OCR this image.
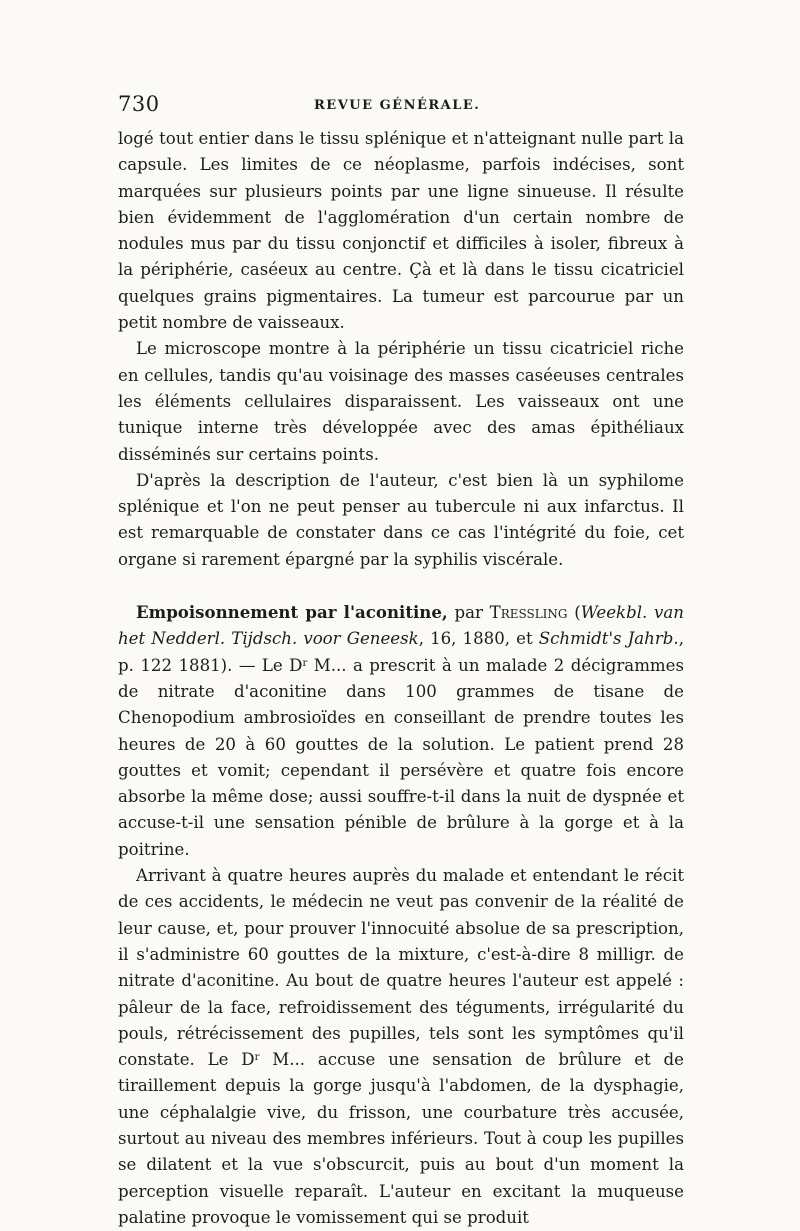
730	REVUE GÉNÉRALE.

logé tout entier dans le tissu splénique et n'atteignant nulle part la capsule. Les limites de ce néoplasme, parfois indécises, sont marquées sur plusieurs points par une ligne sinueuse. Il résulte bien évidemment de l'agglomération d'un certain nombre de nodules mus par du tissu conjonctif et difficiles à isoler, fibreux à la périphérie, caséeux au centre. Çà et là dans le tissu cicatriciel quelques grains pigmentaires. La tumeur est parcourue par un petit nombre de vaisseaux.

Le microscope montre à la périphérie un tissu cicatriciel riche en cellules, tandis qu'au voisinage des masses caséeuses centrales les éléments cellulaires disparaissent. Les vaisseaux ont une tunique interne très développée avec des amas épithéliaux disséminés sur certains points.

D'après la description de l'auteur, c'est bien là un syphilome splénique et l'on ne peut penser au tubercule ni aux infarctus. Il est remarquable de constater dans ce cas l'intégrité du foie, cet organe si rarement épargné par la syphilis viscérale.

Empoisonnement par l'aconitine, par Tressling (Weekbl. van het Nedderl. Tijdsch. voor Geneesk, 16, 1880, et Schmidt's Jahrb., p. 122 1881). — Le $D^r$ M... a prescrit à un malade 2 décigrammes de nitrate d'aconitine dans 100 grammes de tisane de Chenopodium ambrosioïdes en conseillant de prendre toutes les heures de 20 à 60 gouttes de la solution. Le patient prend 28 gouttes et vomit; cependant il persévère et quatre fois encore absorbe la même dose; aussi souffre-t-il dans la nuit de dyspnée et accuse-t-il une sensation pénible de brûlure à la gorge et à la poitrine.

Arrivant à quatre heures auprès du malade et entendant le récit de ces accidents, le médecin ne veut pas convenir de la réalité de leur cause, et, pour prouver l'innocuité absolue de sa prescription, il s'administre 60 gouttes de la mixture, c'est-à-dire 8 milligr. de nitrate d'aconitine. Au bout de quatre heures l'auteur est appelé : pâleur de la face, refroidissement des téguments, irrégularité du pouls, rétrécissement des pupilles, tels sont les symptômes qu'il constate. Le $D^r$ M... accuse une sensation de brûlure et de tiraillement depuis la gorge jusqu'à l'abdomen, de la dysphagie, une céphalalgie vive, du frisson, une courbature très accusée, surtout au niveau des membres inférieurs. Tout à coup les pupilles se dilatent et la vue s'obscurcit, puis au bout d'un moment la perception visuelle reparaît. L'auteur en excitant la muqueuse palatine provoque le vomissement qui se produit
